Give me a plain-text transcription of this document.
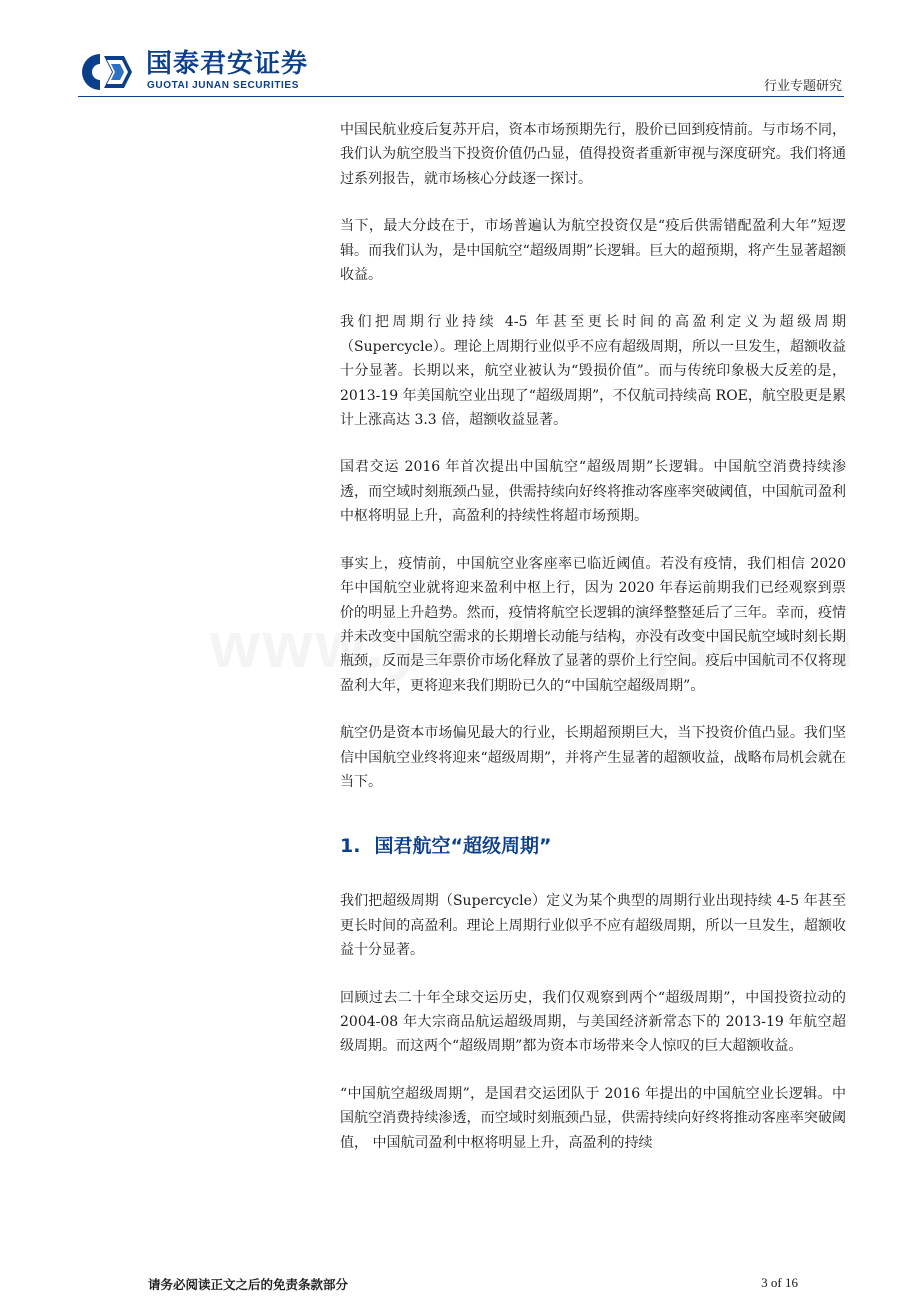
国泰君安证券
GUOTAI JUNAN SECURITIES	行业专题研究

中国民航业疫后复苏开启，资本市场预期先行，股价已回到疫情前。与市场不同，我们认为航空股当下投资价值仍凸显，值得投资者重新审视与深度研究。我们将通过系列报告，就市场核心分歧逐一探讨。

当下，最大分歧在于，市场普遍认为航空投资仅是“疫后供需错配盈利大年”短逻辑。而我们认为，是中国航空“超级周期”长逻辑。巨大的超预期，将产生显著超额收益。

我们把周期行业持续 4-5 年甚至更长时间的高盈利定义为超级周期（Supercycle）。理论上周期行业似乎不应有超级周期，所以一旦发生，超额收益十分显著。长期以来，航空业被认为“毁损价值”。而与传统印象极大反差的是，2013-19 年美国航空业出现了“超级周期”，不仅航司持续高 ROE，航空股更是累计上涨高达 3.3 倍，超额收益显著。

国君交运 2016 年首次提出中国航空“超级周期”长逻辑。中国航空消费持续渗透，而空域时刻瓶颈凸显，供需持续向好终将推动客座率突破阈值，中国航司盈利中枢将明显上升，高盈利的持续性将超市场预期。

事实上，疫情前，中国航空业客座率已临近阈值。若没有疫情，我们相信 2020 年中国航空业就将迎来盈利中枢上行，因为 2020 年春运前期我们已经观察到票价的明显上升趋势。然而，疫情将航空长逻辑的演绎整整延后了三年。幸而，疫情并未改变中国航空需求的长期增长动能与结构，亦没有改变中国民航空域时刻长期瓶颈，反而是三年票价市场化释放了显著的票价上行空间。疫后中国航司不仅将现盈利大年，更将迎来我们期盼已久的“中国航空超级周期”。

航空仍是资本市场偏见最大的行业，长期超预期巨大，当下投资价值凸显。我们坚信中国航空业终将迎来“超级周期”，并将产生显著的超额收益，战略布局机会就在当下。

1. 国君航空“超级周期”

我们把超级周期（Supercycle）定义为某个典型的周期行业出现持续 4-5 年甚至更长时间的高盈利。理论上周期行业似乎不应有超级周期，所以一旦发生，超额收益十分显著。

回顾过去二十年全球交运历史，我们仅观察到两个“超级周期”，中国投资拉动的 2004-08 年大宗商品航运超级周期，与美国经济新常态下的 2013-19 年航空超级周期。而这两个“超级周期”都为资本市场带来令人惊叹的巨大超额收益。

“中国航空超级周期”，是国君交运团队于 2016 年提出的中国航空业长逻辑。中国航空消费持续渗透，而空域时刻瓶颈凸显，供需持续向好终将推动客座率突破阈值， 中国航司盈利中枢将明显上升，高盈利的持续

请务必阅读正文之后的免责条款部分	3 of 16
